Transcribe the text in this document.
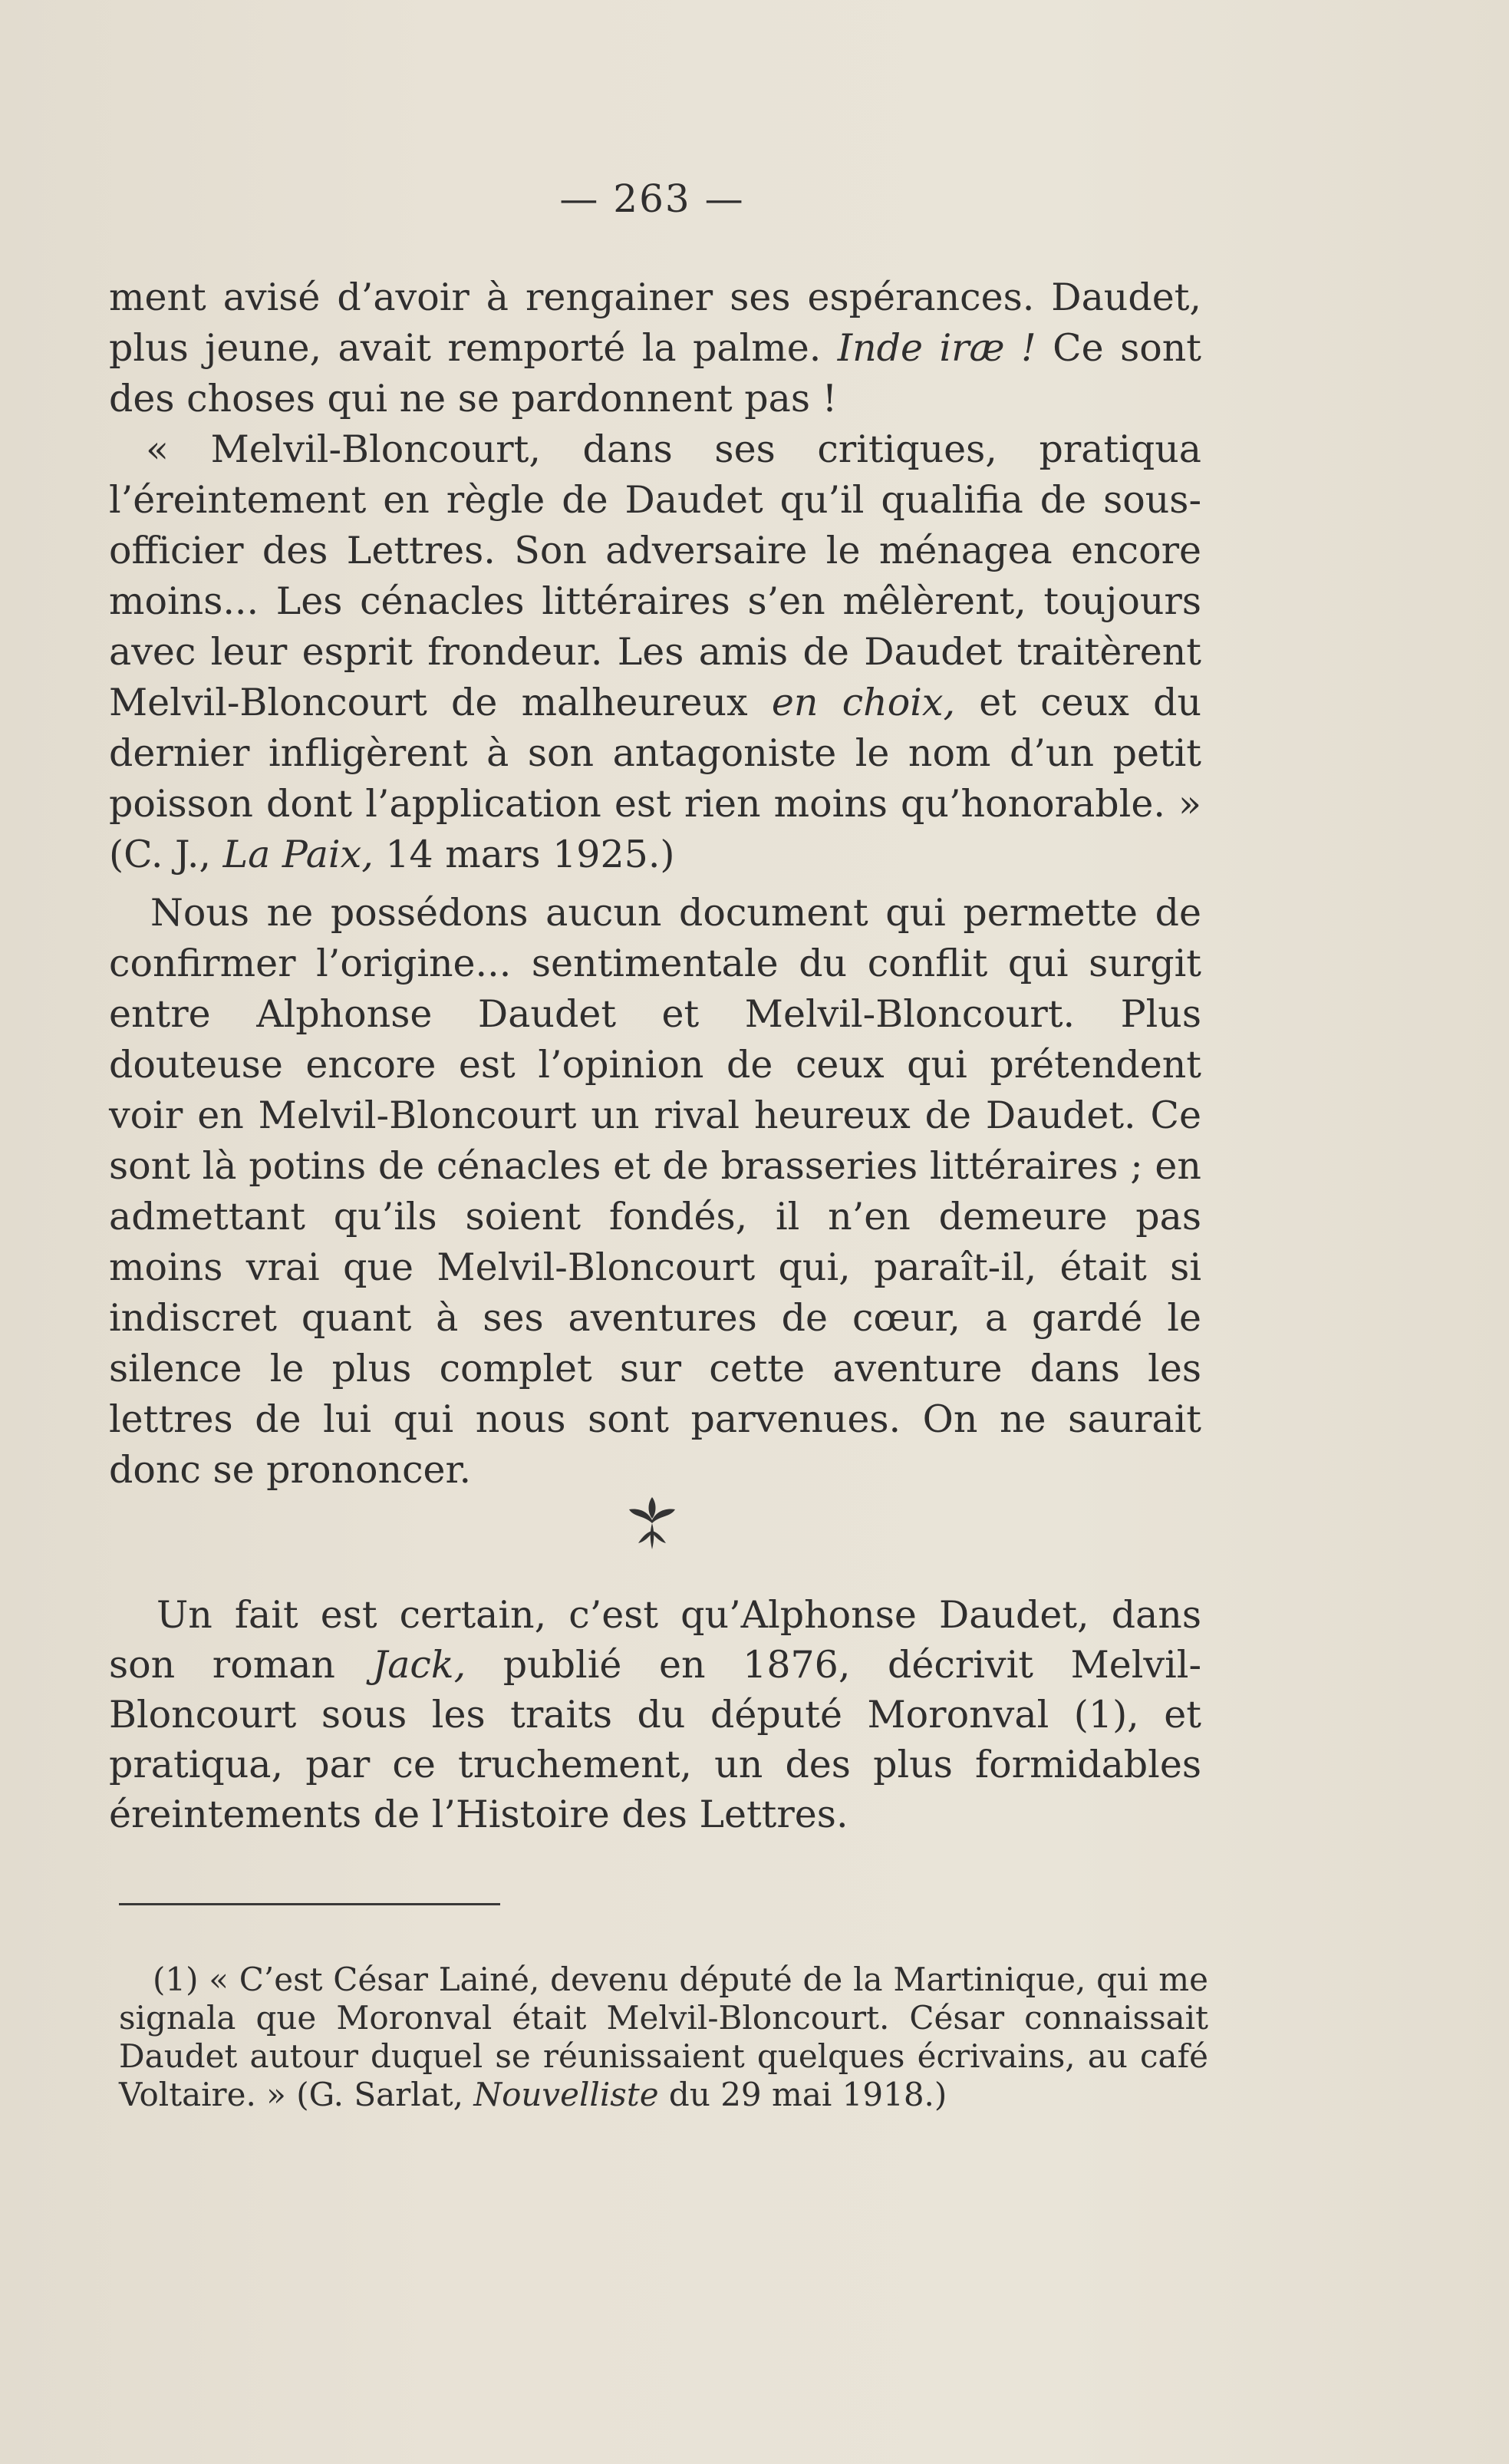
— 263 —

ment avisé d’avoir à rengainer ses espérances. Daudet, plus jeune, avait remporté la palme. Inde iræ ! Ce sont des choses qui ne se pardonnent pas !

« Melvil-Bloncourt, dans ses critiques, pratiqua l’éreintement en règle de Daudet qu’il qualifia de sous-officier des Lettres. Son adversaire le ménagea encore moins... Les cénacles littéraires s’en mêlèrent, toujours avec leur esprit frondeur. Les amis de Daudet traitèrent Melvil-Bloncourt de malheureux en choix, et ceux du dernier infligèrent à son antagoniste le nom d’un petit poisson dont l’application est rien moins qu’honorable. » (C. J., La Paix, 14 mars 1925.)

Nous ne possédons aucun document qui permette de confirmer l’origine... sentimentale du conflit qui surgit entre Alphonse Daudet et Melvil-Bloncourt. Plus douteuse encore est l’opinion de ceux qui prétendent voir en Melvil-Bloncourt un rival heureux de Daudet. Ce sont là potins de cénacles et de brasseries littéraires ; en admettant qu’ils soient fondés, il n’en demeure pas moins vrai que Melvil-Bloncourt qui, paraît-il, était si indiscret quant à ses aventures de cœur, a gardé le silence le plus complet sur cette aventure dans les lettres de lui qui nous sont parvenues. On ne saurait donc se prononcer.

Un fait est certain, c’est qu’Alphonse Daudet, dans son roman Jack, publié en 1876, décrivit Melvil-Bloncourt sous les traits du député Moronval (1), et pratiqua, par ce truchement, un des plus formidables éreintements de l’Histoire des Lettres.

(1) « C’est César Lainé, devenu député de la Martinique, qui me signala que Moronval était Melvil-Bloncourt. César connaissait Daudet autour duquel se réunissaient quelques écrivains, au café Voltaire. » (G. Sarlat, Nouvelliste du 29 mai 1918.)
